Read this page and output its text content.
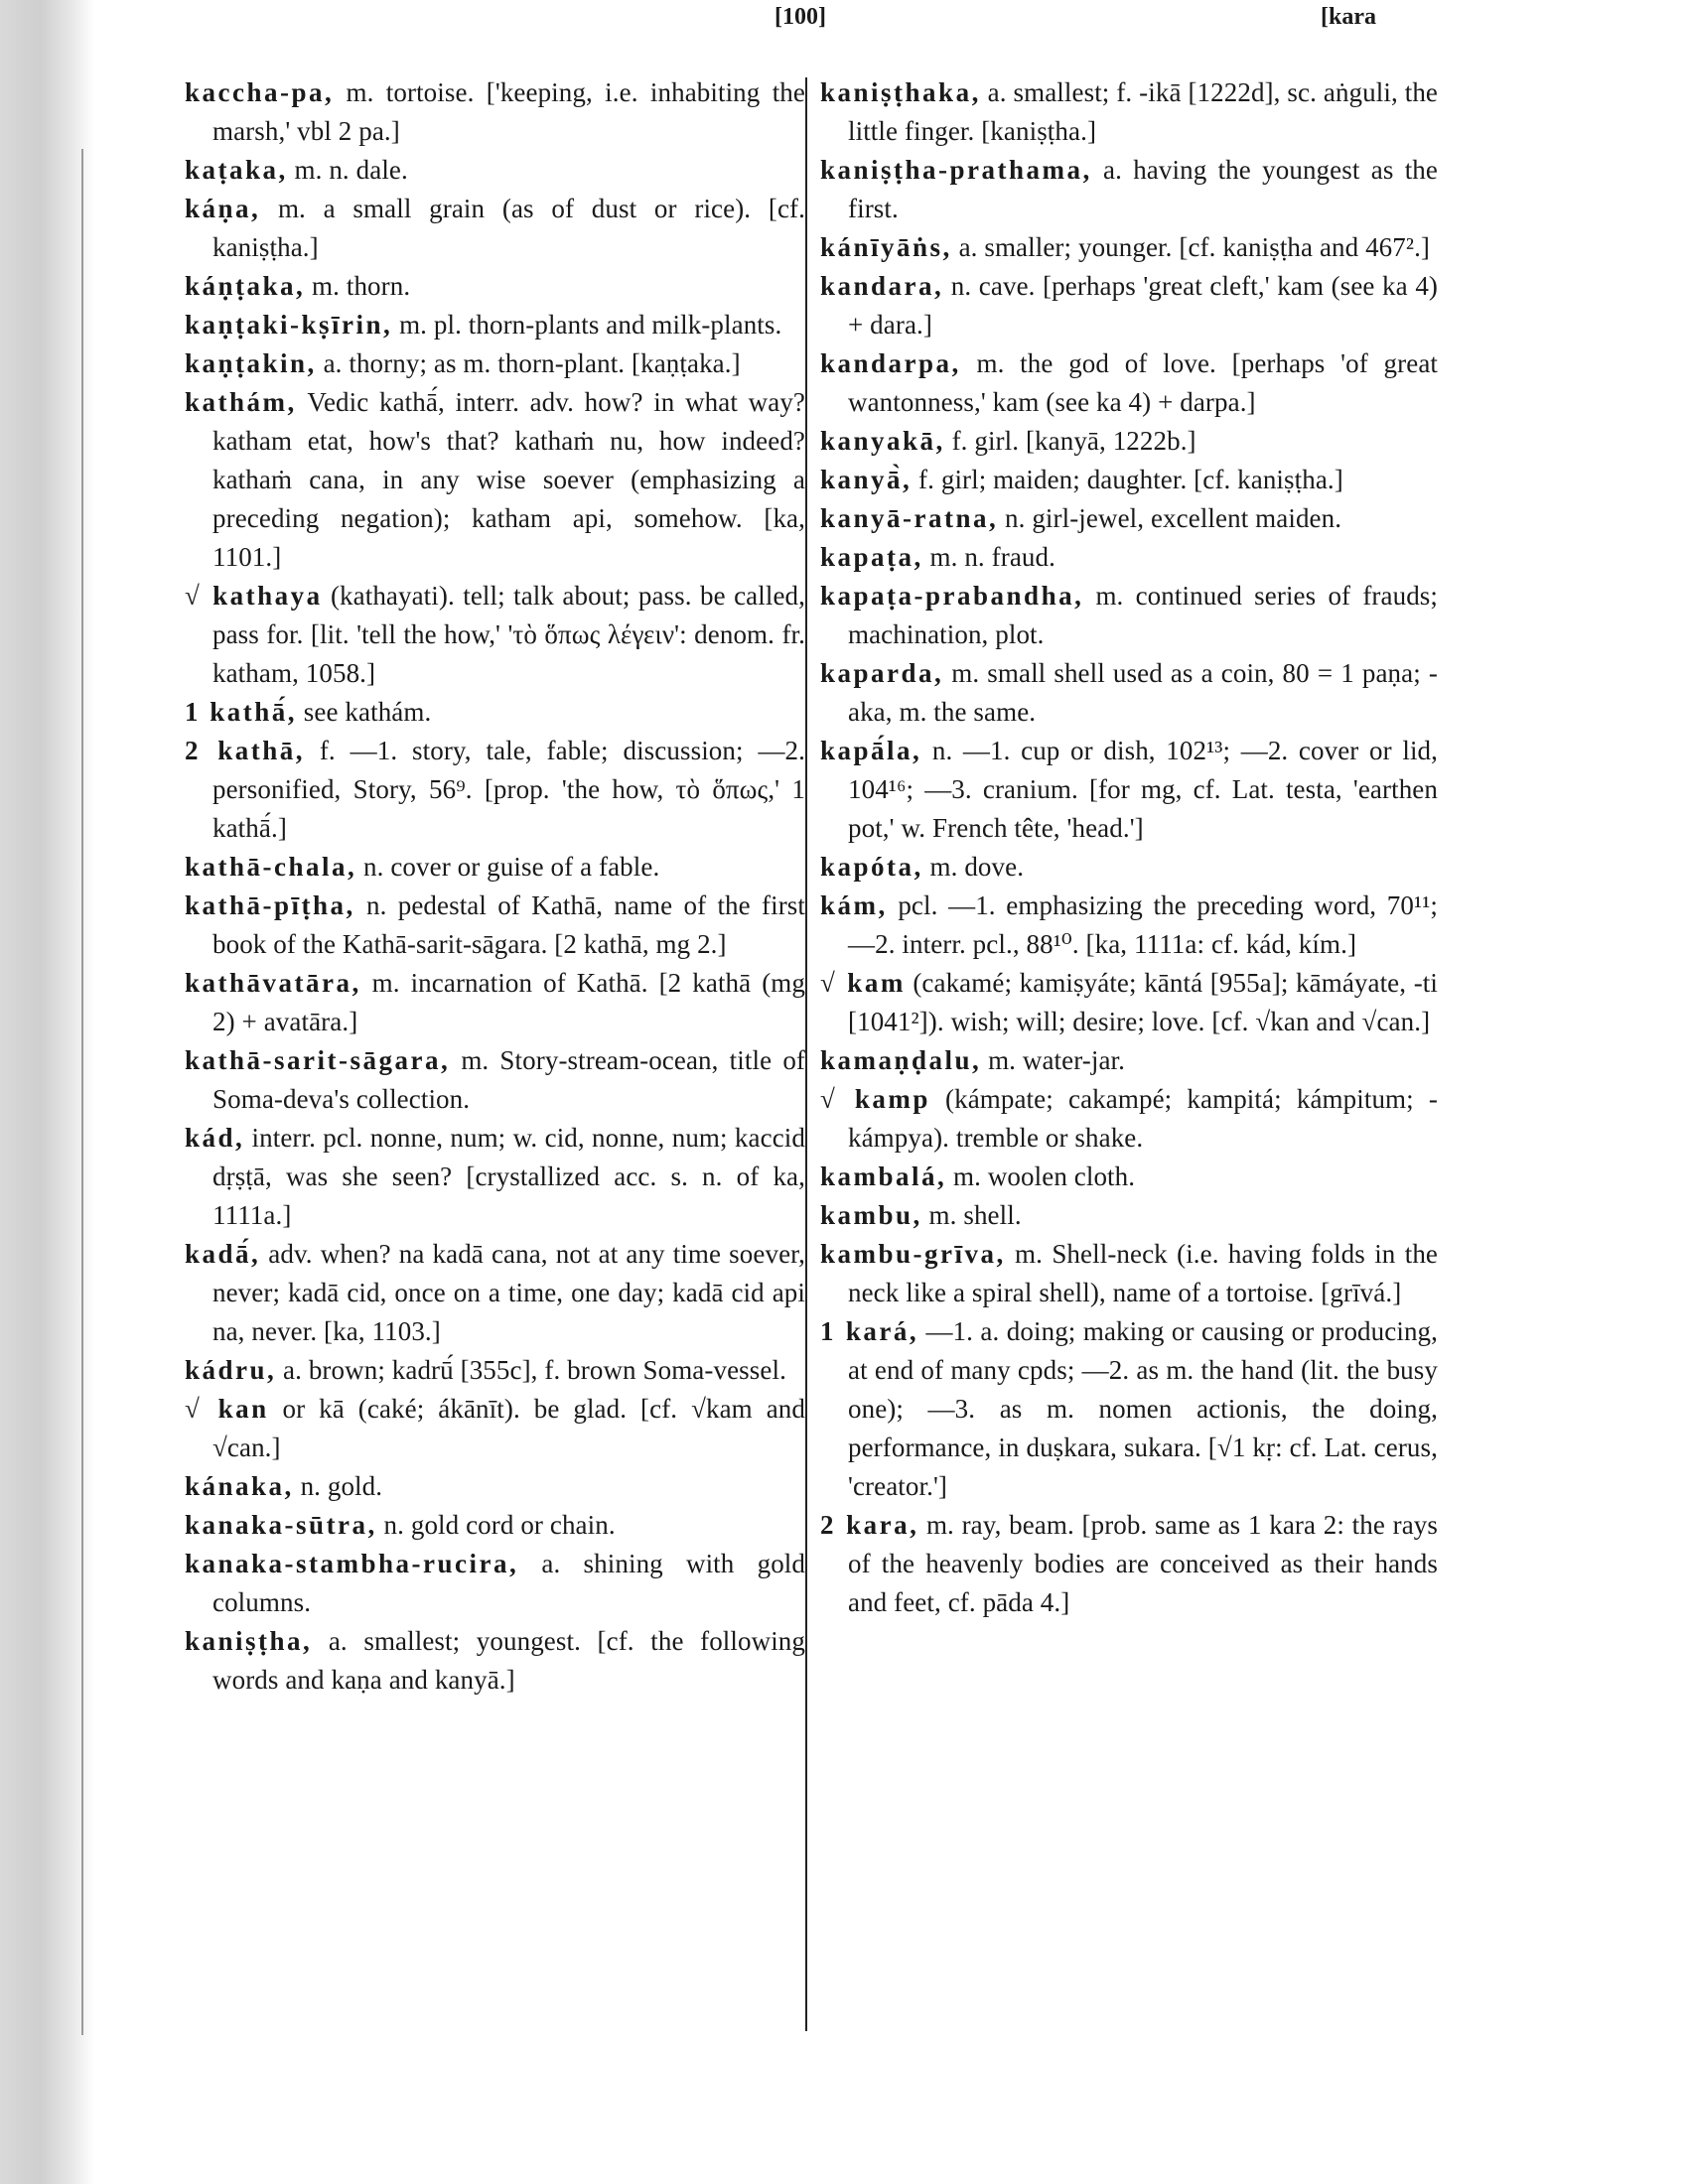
[100]	[kara
kaccha-pa, m. tortoise. ['keeping, i.e. inhabiting the marsh,' vbl 2 pa.]
kaṭaka, m. n. dale.
káṇa, m. a small grain (as of dust or rice). [cf. kaniṣṭha.]
káṇṭaka, m. thorn.
kaṇṭaki-kṣīrin, m. pl. thorn-plants and milk-plants.
kaṇṭakin, a. thorny; as m. thorn-plant. [kaṇṭaka.]
kathám, Vedic kathā́, interr. adv. how? in what way? katham etat, how's that? kathaṁ nu, how indeed? kathaṁ cana, in any wise soever (emphasizing a preceding negation); katham api, somehow. [ka, 1101.]
√ kathaya (kathayati). tell; talk about; pass. be called, pass for. [lit. 'tell the how,' 'τὸ ὅπως λέγειν': denom. fr. katham, 1058.]
1 kathā́, see kathám.
2 kathā, f. —1. story, tale, fable; discussion; —2. personified, Story, 56⁹. [prop. 'the how, τὸ ὅπως,' 1 kathā́.]
kathā-chala, n. cover or guise of a fable.
kathā-pīṭha, n. pedestal of Kathā, name of the first book of the Kathā-sarit-sāgara. [2 kathā, mg 2.]
kathāvatāra, m. incarnation of Kathā. [2 kathā (mg 2) + avatāra.]
kathā-sarit-sāgara, m. Story-stream-ocean, title of Soma-deva's collection.
kád, interr. pcl. nonne, num; w. cid, nonne, num; kaccid dṛṣṭā, was she seen? [crystallized acc. s. n. of ka, 1111a.]
kadā́, adv. when? na kadā cana, not at any time soever, never; kadā cid, once on a time, one day; kadā cid api na, never. [ka, 1103.]
kádru, a. brown; kadrū́ [355c], f. brown Soma-vessel.
√ kan or kā (caké; ákānīt). be glad. [cf. √kam and √can.]
kánaka, n. gold.
kanaka-sūtra, n. gold cord or chain.
kanaka-stambha-rucira, a. shining with gold columns.
kaniṣṭha, a. smallest; youngest. [cf. the following words and kaṇa and kanyā.]
kaniṣṭhaka, a. smallest; f. -ikā [1222d], sc. aṅguli, the little finger. [kaniṣṭha.]
kaniṣṭha-prathama, a. having the youngest as the first.
kánīyāṅs, a. smaller; younger. [cf. kaniṣṭha and 467².]
kandara, n. cave. [perhaps 'great cleft,' kam (see ka 4) + dara.]
kandarpa, m. the god of love. [perhaps 'of great wantonness,' kam (see ka 4) + darpa.]
kanyakā, f. girl. [kanyā, 1222b.]
kanyā̀, f. girl; maiden; daughter. [cf. kaniṣṭha.]
kanyā-ratna, n. girl-jewel, excellent maiden.
kapaṭa, m. n. fraud.
kapaṭa-prabandha, m. continued series of frauds; machination, plot.
kaparda, m. small shell used as a coin, 80 = 1 paṇa; -aka, m. the same.
kapā́la, n. —1. cup or dish, 102¹³; —2. cover or lid, 104¹⁶; —3. cranium. [for mg, cf. Lat. testa, 'earthen pot,' w. French tête, 'head.']
kapóta, m. dove.
kám, pcl. —1. emphasizing the preceding word, 70¹¹; —2. interr. pcl., 88¹⁰. [ka, 1111a: cf. kád, kím.]
√ kam (cakamé; kamiṣyáte; kāntá [955a]; kāmáyate, -ti [1041²]). wish; will; desire; love. [cf. √kan and √can.]
kamaṇḍalu, m. water-jar.
√ kamp (kámpate; cakampé; kampitá; kámpitum; -kámpya). tremble or shake.
kambalá, m. woolen cloth.
kambu, m. shell.
kambu-grīva, m. Shell-neck (i.e. having folds in the neck like a spiral shell), name of a tortoise. [grīvá.]
1 kará, —1. a. doing; making or causing or producing, at end of many cpds; —2. as m. the hand (lit. the busy one); —3. as m. nomen actionis, the doing, performance, in duṣkara, sukara. [√1 kṛ: cf. Lat. cerus, 'creator.']
2 kara, m. ray, beam. [prob. same as 1 kara 2: the rays of the heavenly bodies are conceived as their hands and feet, cf. pāda 4.]
